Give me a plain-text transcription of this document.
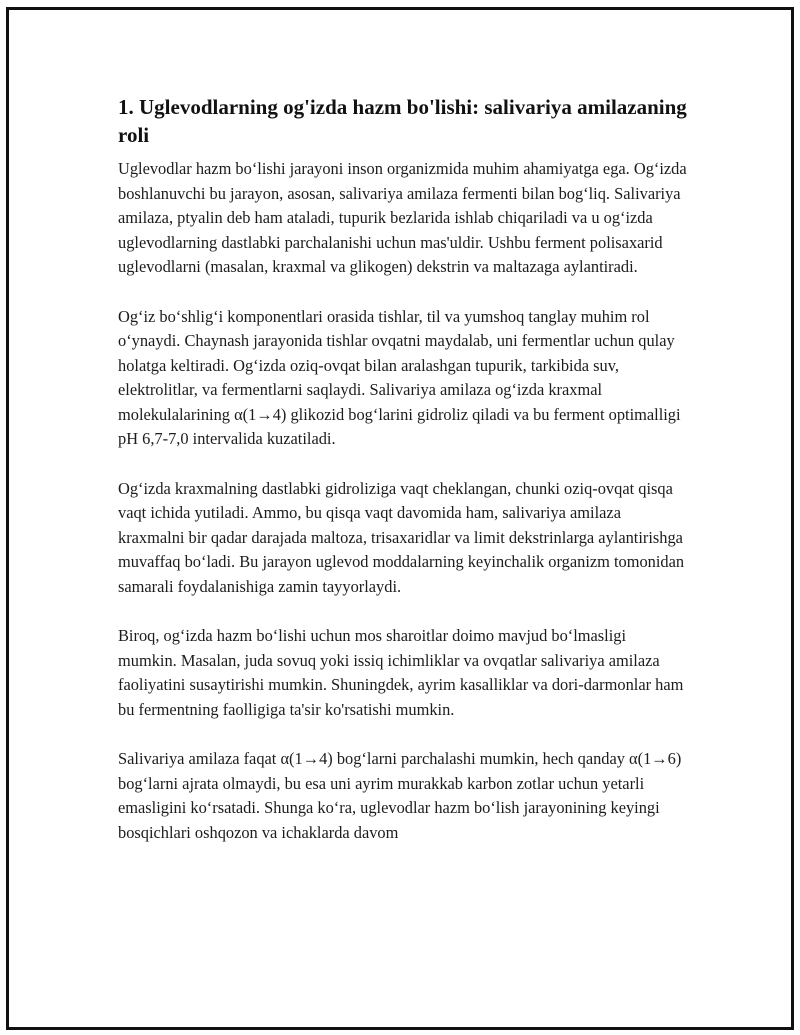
1. Uglevodlarning og'izda hazm bo'lishi: salivariya amilazaning roli

Uglevodlar hazm bo‘lishi jarayoni inson organizmida muhim ahamiyatga ega. Og‘izda boshlanuvchi bu jarayon, asosan, salivariya amilaza fermenti bilan bog‘liq. Salivariya amilaza, ptyalin deb ham ataladi, tupurik bezlarida ishlab chiqariladi va u og‘izda uglevodlarning dastlabki parchalanishi uchun mas'uldir. Ushbu ferment polisaxarid uglevodlarni (masalan, kraxmal va glikogen) dekstrin va maltazaga aylantiradi.

Og‘iz bo‘shlig‘i komponentlari orasida tishlar, til va yumshoq tanglay muhim rol o‘ynaydi. Chaynash jarayonida tishlar ovqatni maydalab, uni fermentlar uchun qulay holatga keltiradi. Og‘izda oziq-ovqat bilan aralashgan tupurik, tarkibida suv, elektrolitlar, va fermentlarni saqlaydi. Salivariya amilaza og‘izda kraxmal molekulalarining α(1→4) glikozid bog‘larini gidroliz qiladi va bu ferment optimalligi pH 6,7-7,0 intervalida kuzatiladi.

Og‘izda kraxmalning dastlabki gidroliziga vaqt cheklangan, chunki oziq-ovqat qisqa vaqt ichida yutiladi. Ammo, bu qisqa vaqt davomida ham, salivariya amilaza kraxmalni bir qadar darajada maltoza, trisaxaridlar va limit dekstrinlarga aylantirishga muvaffaq bo‘ladi. Bu jarayon uglevod moddalarning keyinchalik organizm tomonidan samarali foydalanishiga zamin tayyorlaydi.

Biroq, og‘izda hazm bo‘lishi uchun mos sharoitlar doimo mavjud bo‘lmasligi mumkin. Masalan, juda sovuq yoki issiq ichimliklar va ovqatlar salivariya amilaza faoliyatini susaytirishi mumkin. Shuningdek, ayrim kasalliklar va dori-darmonlar ham bu fermentning faolligiga ta'sir ko'rsatishi mumkin.

Salivariya amilaza faqat α(1→4) bog‘larni parchalashi mumkin, hech qanday α(1→6) bog‘larni ajrata olmaydi, bu esa uni ayrim murakkab karbon zotlar uchun yetarli emasligini ko‘rsatadi. Shunga ko‘ra, uglevodlar hazm bo‘lish jarayonining keyingi bosqichlari oshqozon va ichaklarda davom
